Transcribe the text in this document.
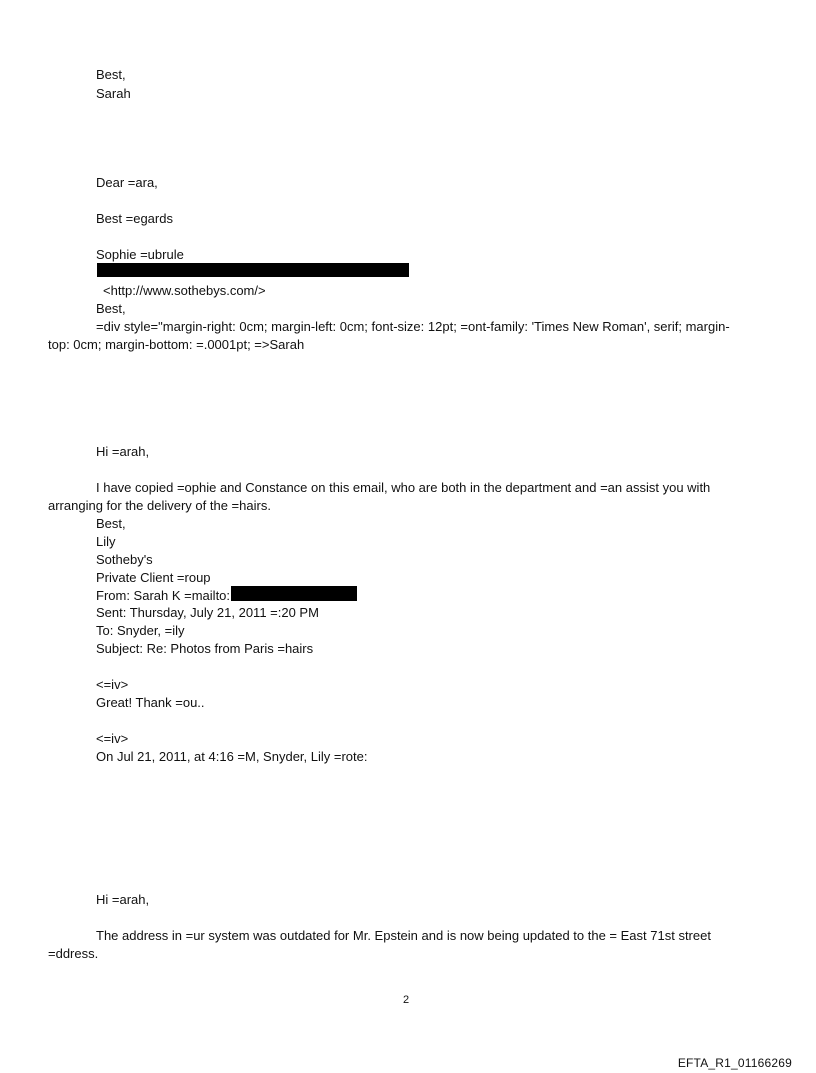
Best,
Sarah
Dear =ara,
Best =egards
Sophie =ubrule
<http://www.sothebys.com/>
Best,
=div style="margin-right: 0cm; margin-left: 0cm; font-size: 12pt; =ont-family: 'Times New Roman', serif; margin-
top: 0cm; margin-bottom: =.0001pt; =>Sarah
Hi =arah,
I have copied =ophie and Constance on this email, who are both in the department and =an assist you with
arranging for the delivery of the =hairs.
Best,
Lily
Sotheby's
Private Client =roup
From: Sarah K =mailto:
Sent: Thursday, July 21, 2011 =:20 PM
To: Snyder, =ily
Subject: Re: Photos from Paris =hairs
<=iv>
Great! Thank =ou..
<=iv>
On Jul 21, 2011, at 4:16 =M, Snyder, Lily =rote:
Hi =arah,
The address in =ur system was outdated for Mr. Epstein and is now being updated to the = East 71st street
=ddress.
2
EFTA_R1_01166269
